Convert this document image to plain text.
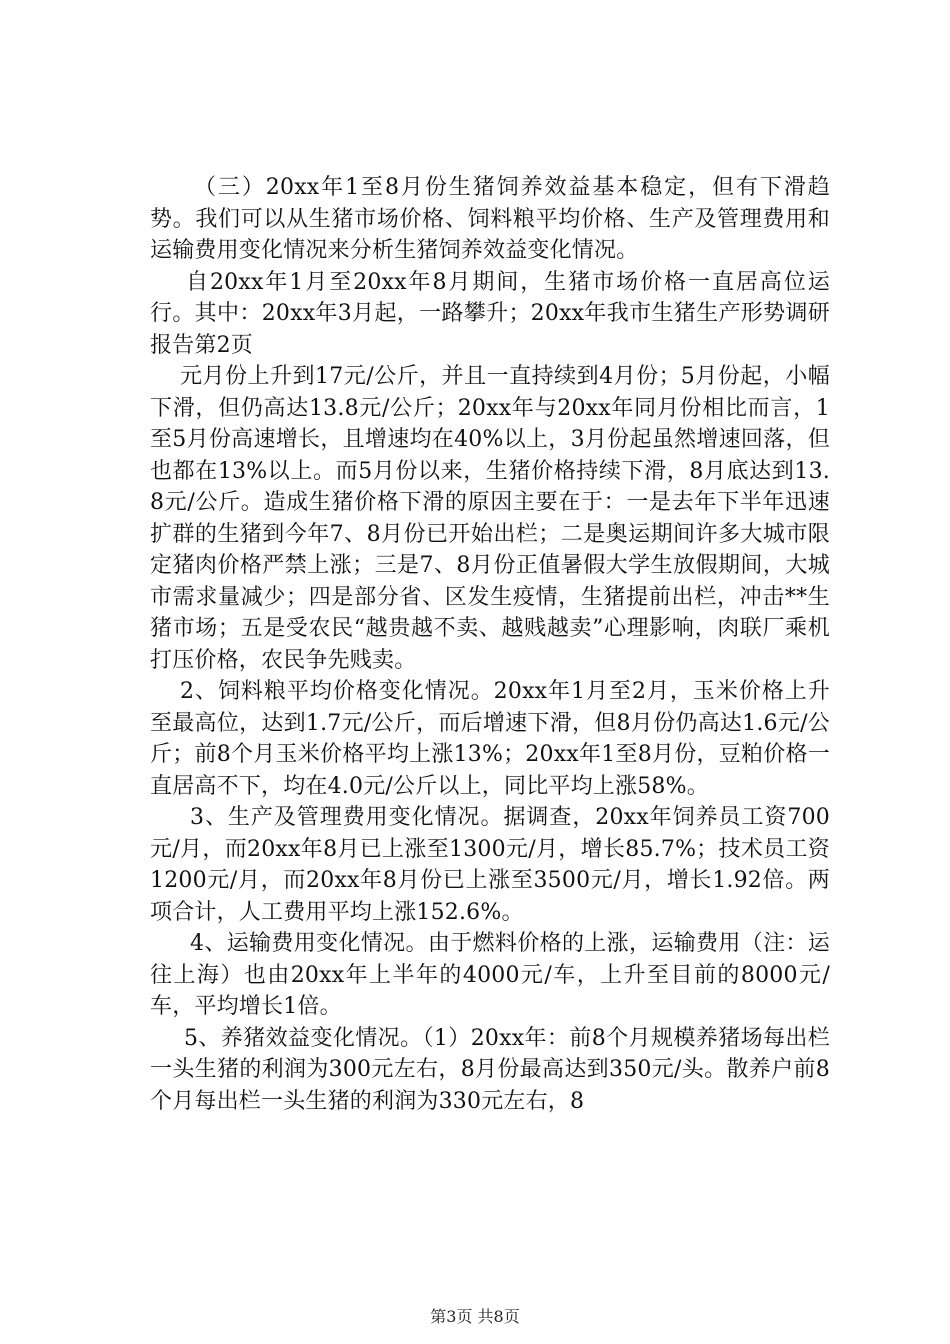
（三）20xx年1至8月份生猪饲养效益基本稳定，但有下滑趋势。我们可以从生猪市场价格、饲料粮平均价格、生产及管理费用和运输费用变化情况来分析生猪饲养效益变化情况。

自20xx年1月至20xx年8月期间，生猪市场价格一直居高位运行。其中：20xx年3月起，一路攀升；20xx年我市生猪生产形势调研报告第2页

元月份上升到17元/公斤，并且一直持续到4月份；5月份起，小幅下滑，但仍高达13.8元/公斤；20xx年与20xx年同月份相比而言，1至5月份高速增长，且增速均在40%以上，3月份起虽然增速回落，但也都在13%以上。而5月份以来，生猪价格持续下滑，8月底达到13.8元/公斤。造成生猪价格下滑的原因主要在于：一是去年下半年迅速扩群的生猪到今年7、8月份已开始出栏；二是奥运期间许多大城市限定猪肉价格严禁上涨；三是7、8月份正值暑假大学生放假期间，大城市需求量减少；四是部分省、区发生疫情，生猪提前出栏，冲击**生猪市场；五是受农民“越贵越不卖、越贱越卖”心理影响，肉联厂乘机打压价格，农民争先贱卖。

2、饲料粮平均价格变化情况。20xx年1月至2月，玉米价格上升至最高位，达到1.7元/公斤，而后增速下滑，但8月份仍高达1.6元/公斤；前8个月玉米价格平均上涨13%；20xx年1至8月份，豆粕价格一直居高不下，均在4.0元/公斤以上，同比平均上涨58%。

3、生产及管理费用变化情况。据调查，20xx年饲养员工资700元/月，而20xx年8月已上涨至1300元/月，增长85.7%；技术员工资1200元/月，而20xx年8月份已上涨至3500元/月，增长1.92倍。两项合计，人工费用平均上涨152.6%。

4、运输费用变化情况。由于燃料价格的上涨，运输费用（注：运往上海）也由20xx年上半年的4000元/车，上升至目前的8000元/车，平均增长1倍。

5、养猪效益变化情况。（1）20xx年：前8个月规模养猪场每出栏一头生猪的利润为300元左右，8月份最高达到350元/头。散养户前8个月每出栏一头生猪的利润为330元左右，8

第3页 共8页
